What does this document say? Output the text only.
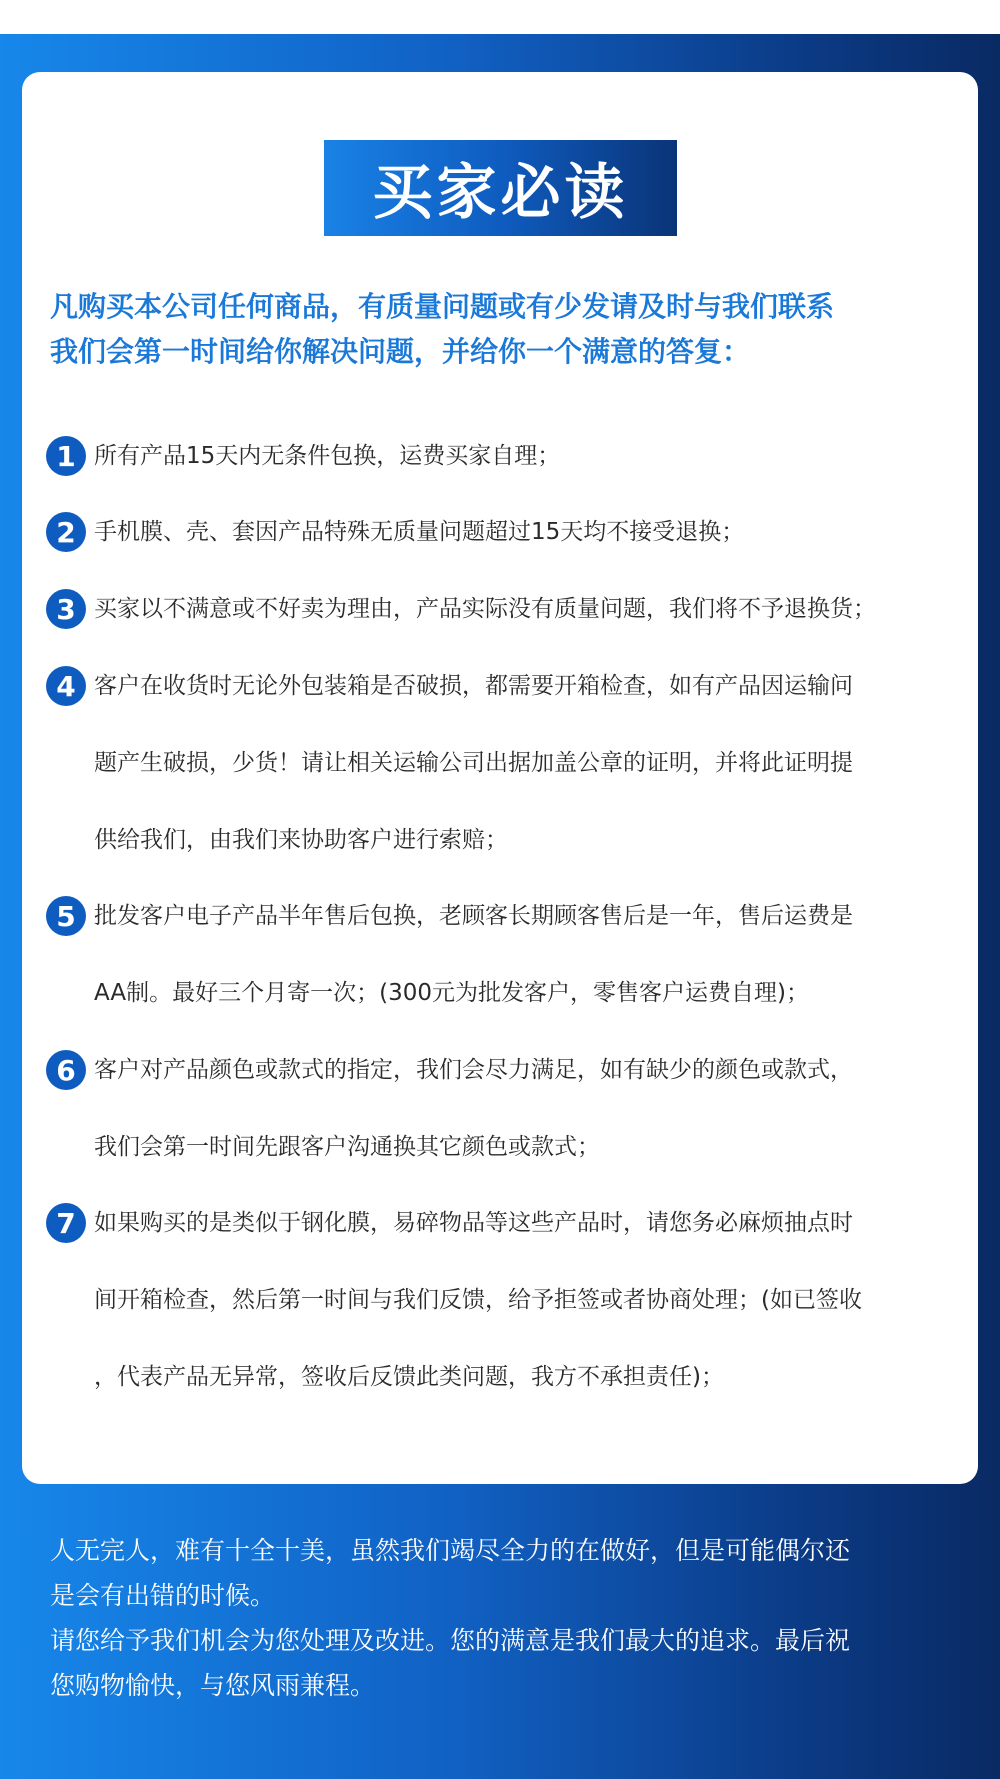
买家必读
凡购买本公司任何商品，有质量问题或有少发请及时与我们联系
我们会第一时间给你解决问题，并给你一个满意的答复：
1 所有产品15天内无条件包换，运费买家自理；
2 手机膜、壳、套因产品特殊无质量问题超过15天均不接受退换；
3 买家以不满意或不好卖为理由，产品实际没有质量问题，我们将不予退换货；
4 客户在收货时无论外包装箱是否破损，都需要开箱检查，如有产品因运输问
题产生破损，少货！请让相关运输公司出据加盖公章的证明，并将此证明提
供给我们，由我们来协助客户进行索赔；
5 批发客户电子产品半年售后包换，老顾客长期顾客售后是一年，售后运费是
AA制。最好三个月寄一次；(300元为批发客户，零售客户运费自理)；
6 客户对产品颜色或款式的指定，我们会尽力满足，如有缺少的颜色或款式，
我们会第一时间先跟客户沟通换其它颜色或款式；
7 如果购买的是类似于钢化膜，易碎物品等这些产品时，请您务必麻烦抽点时
间开箱检查，然后第一时间与我们反馈，给予拒签或者协商处理；(如已签收
，代表产品无异常，签收后反馈此类问题，我方不承担责任)；
人无完人，难有十全十美，虽然我们竭尽全力的在做好，但是可能偶尔还
是会有出错的时候。
请您给予我们机会为您处理及改进。您的满意是我们最大的追求。最后祝
您购物愉快，与您风雨兼程。
